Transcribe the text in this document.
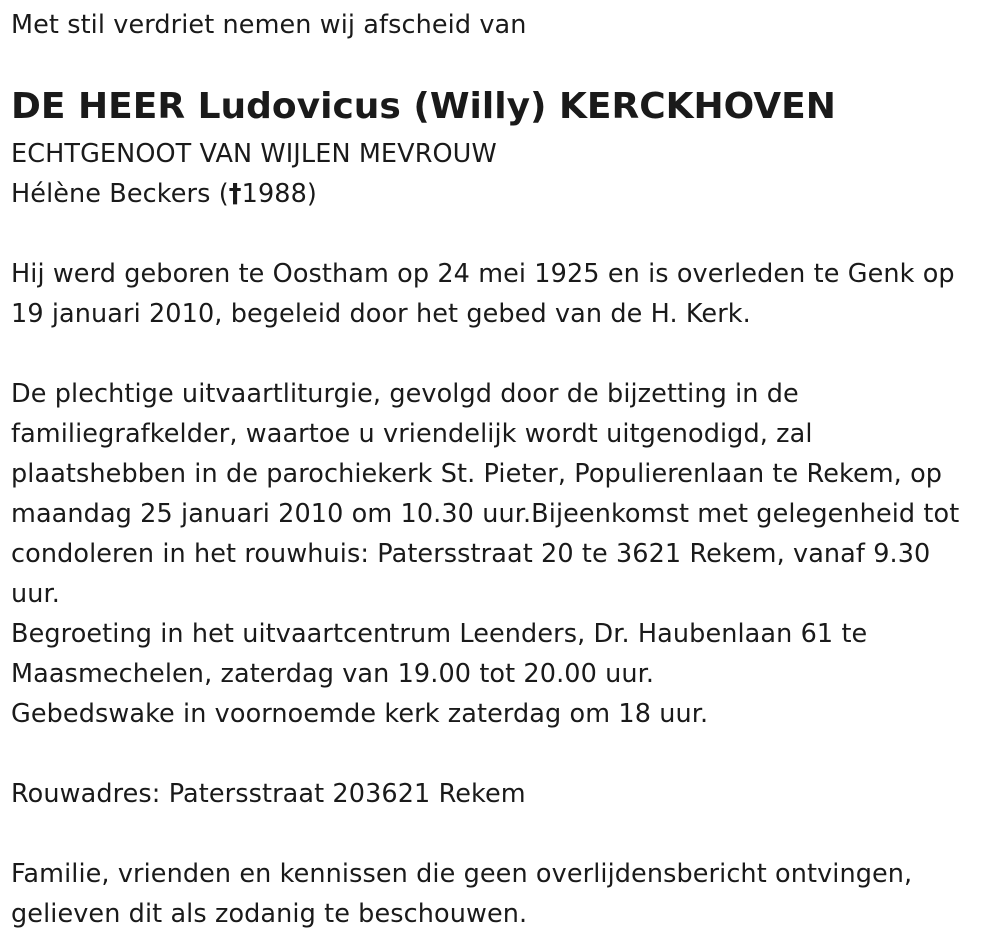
Met stil verdriet nemen wij afscheid van
DE HEER Ludovicus (Willy) KERCKHOVEN
ECHTGENOOT VAN WIJLEN MEVROUW
Hélène Beckers (†1988)
Hij werd geboren te Oostham op 24 mei 1925 en is overleden te Genk op
19 januari 2010, begeleid door het gebed van de H. Kerk.
De plechtige uitvaartliturgie, gevolgd door de bijzetting in de
familiegrafkelder, waartoe u vriendelijk wordt uitgenodigd, zal
plaatshebben in de parochiekerk St. Pieter, Populierenlaan te Rekem, op
maandag 25 januari 2010 om 10.30 uur.Bijeenkomst met gelegenheid tot
condoleren in het rouwhuis: Patersstraat 20 te 3621 Rekem, vanaf 9.30
uur.
Begroeting in het uitvaartcentrum Leenders, Dr. Haubenlaan 61 te
Maasmechelen, zaterdag van 19.00 tot 20.00 uur.
Gebedswake in voornoemde kerk zaterdag om 18 uur.
Rouwadres: Patersstraat 203621 Rekem
Familie, vrienden en kennissen die geen overlijdensbericht ontvingen,
gelieven dit als zodanig te beschouwen.
